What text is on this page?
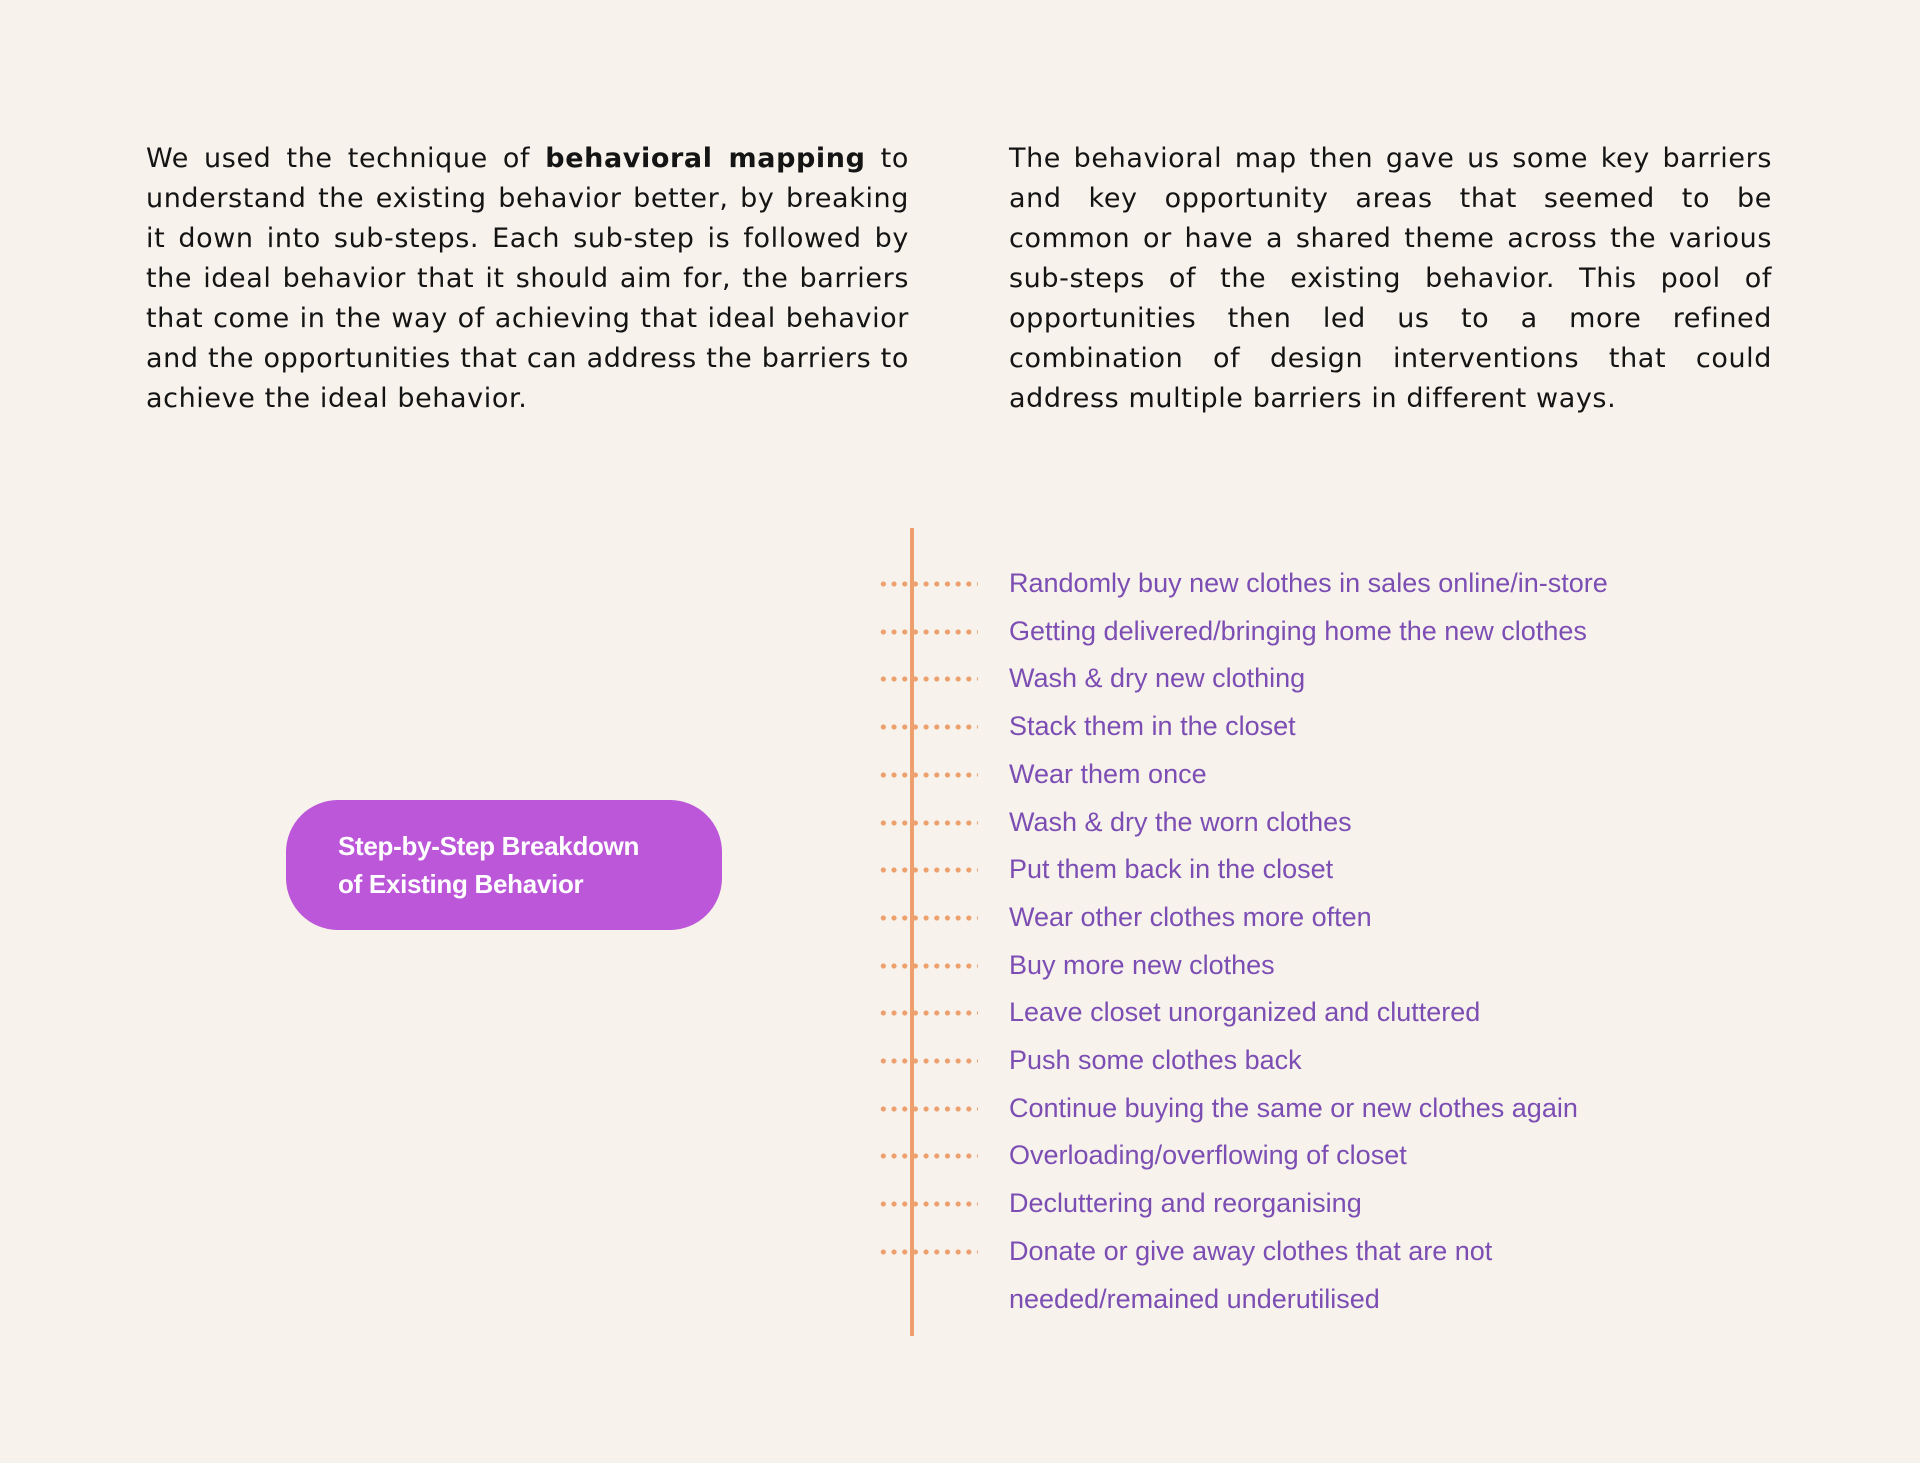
We used the technique of behavioral mapping to understand the existing behavior better, by breaking it down into sub-steps. Each sub-step is followed by the ideal behavior that it should aim for, the barriers that come in the way of achieving that ideal behavior and the opportunities that can address the barriers to achieve the ideal behavior.

The behavioral map then gave us some key barriers and key opportunity areas that seemed to be common or have a shared theme across the various sub-steps of the existing behavior. This pool of opportunities then led us to a more refined combination of design interventions that could address multiple barriers in different ways.

Step-by-Step Breakdown
of Existing Behavior
Randomly buy new clothes in sales online/in-store
Getting delivered/bringing home the new clothes
Wash & dry new clothing
Stack them in the closet
Wear them once
Wash & dry the worn clothes
Put them back in the closet
Wear other clothes more often
Buy more new clothes
Leave closet unorganized and cluttered
Push some clothes back
Continue buying the same or new clothes again
Overloading/overflowing of closet
Decluttering and reorganising
Donate or give away clothes that are not
needed/remained underutilised
